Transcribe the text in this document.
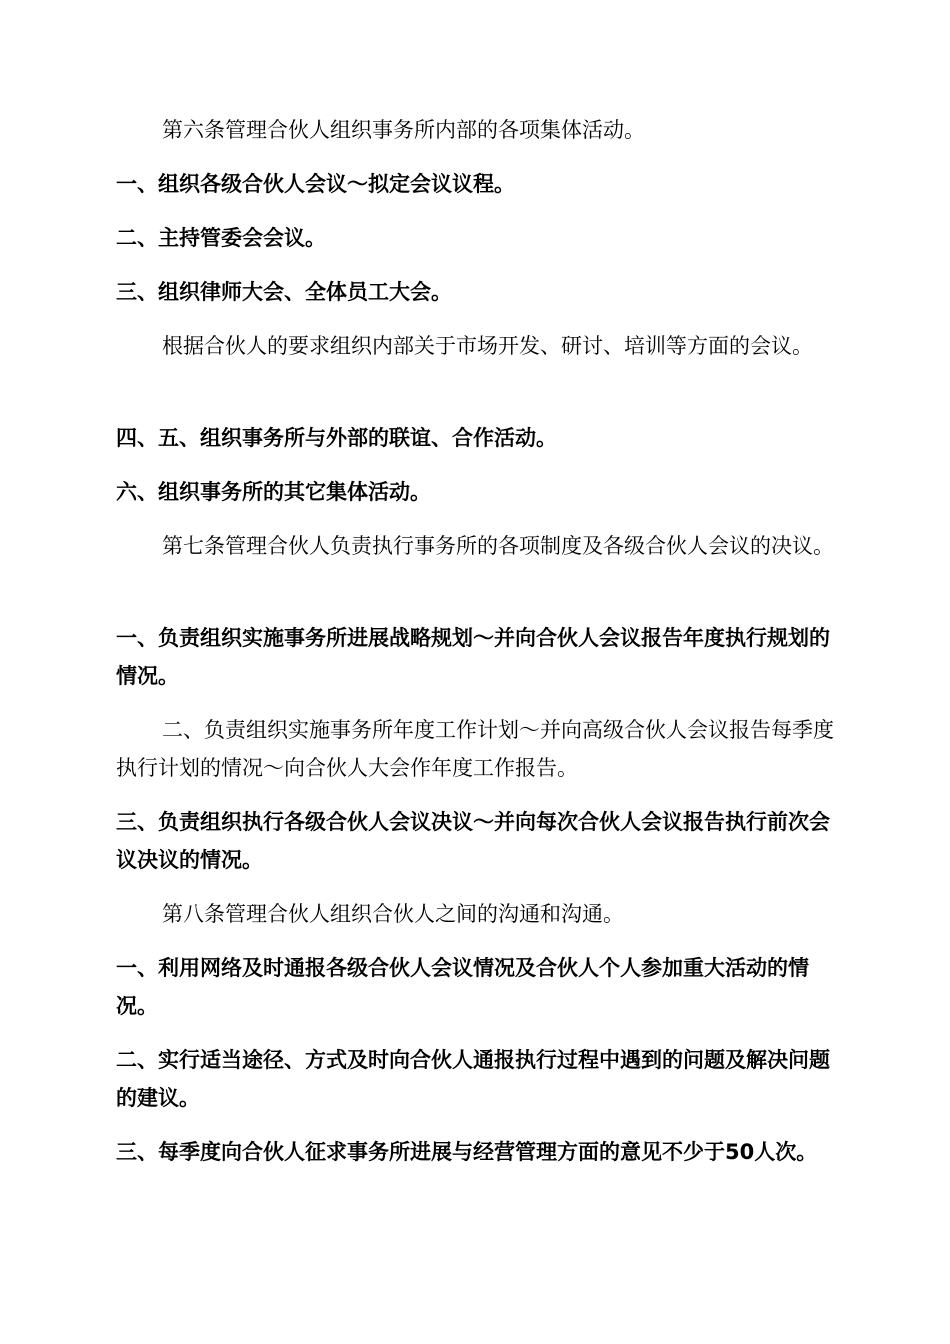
第六条管理合伙人组织事务所内部的各项集体活动。

一、组织各级合伙人会议～拟定会议议程。

二、主持管委会会议。

三、组织律师大会、全体员工大会。

根据合伙人的要求组织内部关于市场开发、研讨、培训等方面的会议。

四、五、组织事务所与外部的联谊、合作活动。

六、组织事务所的其它集体活动。

第七条管理合伙人负责执行事务所的各项制度及各级合伙人会议的决议。

一、负责组织实施事务所进展战略规划～并向合伙人会议报告年度执行规划的情况。

二、负责组织实施事务所年度工作计划～并向高级合伙人会议报告每季度执行计划的情况～向合伙人大会作年度工作报告。

三、负责组织执行各级合伙人会议决议～并向每次合伙人会议报告执行前次会议决议的情况。

第八条管理合伙人组织合伙人之间的沟通和沟通。

一、利用网络及时通报各级合伙人会议情况及合伙人个人参加重大活动的情况。

二、实行适当途径、方式及时向合伙人通报执行过程中遇到的问题及解决问题的建议。

三、每季度向合伙人征求事务所进展与经营管理方面的意见不少于50人次。
